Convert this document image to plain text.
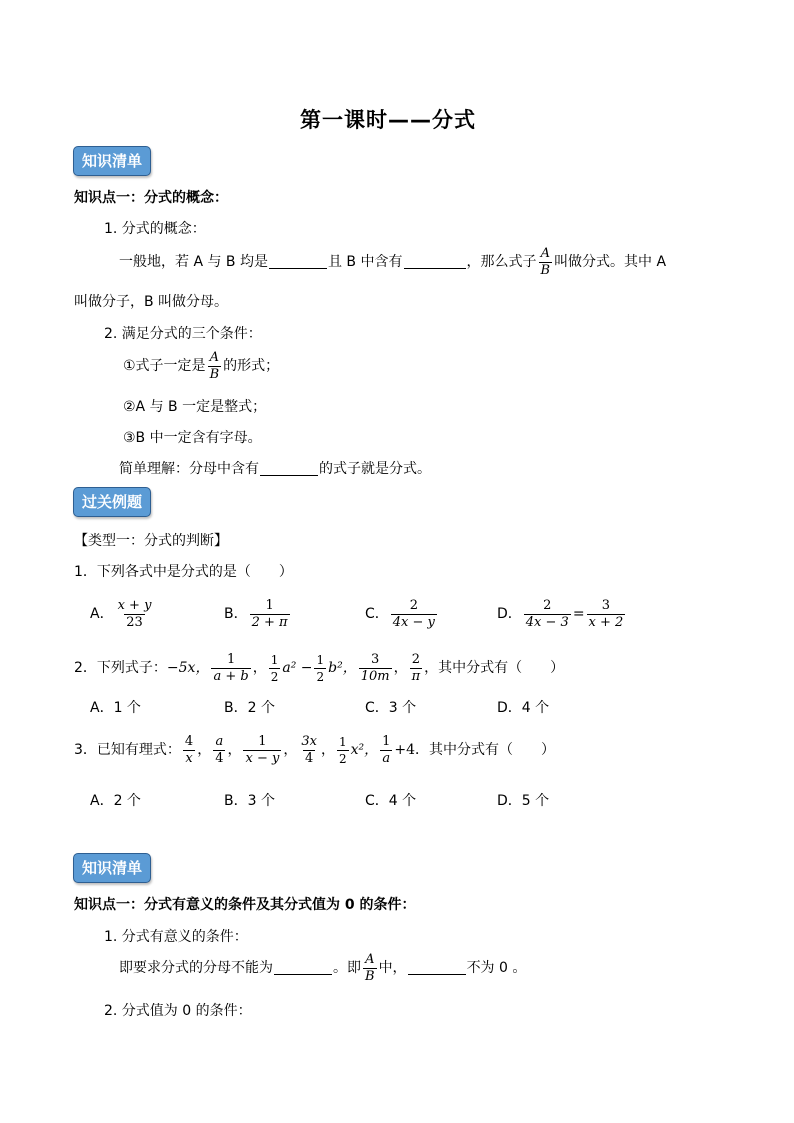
第一课时——分式
知识清单
知识点一：分式的概念：
1. 分式的概念：
一般地，若 A 与 B 均是	且 B 中含有	，那么式子 $\frac{A}{B}$ 叫做分式。其中 A
叫做分子，B 叫做分母。
2. 满足分式的三个条件：
①式子一定是 $\frac{A}{B}$ 的形式；
②A 与 B 一定是整式；
③B 中一定含有字母。
简单理解：分母中含有	的式子就是分式。
过关例题
【类型一：分式的判断】
1．下列各式中是分式的是（　　）
A． $\frac{x + y}{23}$	B． $\frac{1}{2 + \pi}$	C． $\frac{2}{4x - y}$	D． $\frac{2}{4x - 3} = \frac{3}{x + 2}$
2．下列式子：−5x， $\frac{1}{a + b}$ ， $\frac{1}{2} a^2 - \frac{1}{2} b^2$， $\frac{3}{10m}$ ， $\frac{2}{\pi}$ ，其中分式有（　　）
A．1 个	B．2 个	C．3 个	D．4 个
3．已知有理式： $\frac{4}{x}$ ， $\frac{a}{4}$ ， $\frac{1}{x - y}$ ， $\frac{3x}{4}$ ， $\frac{1}{2} x^2$， $\frac{1}{a} +4$．其中分式有（　　）
A．2 个	B．3 个	C．4 个	D．5 个
知识清单
知识点一：分式有意义的条件及其分式值为 0 的条件：
1. 分式有意义的条件：
即要求分式的分母不能为	。即 $\frac{A}{B}$ 中，	不为 0 。
2. 分式值为 0 的条件：
